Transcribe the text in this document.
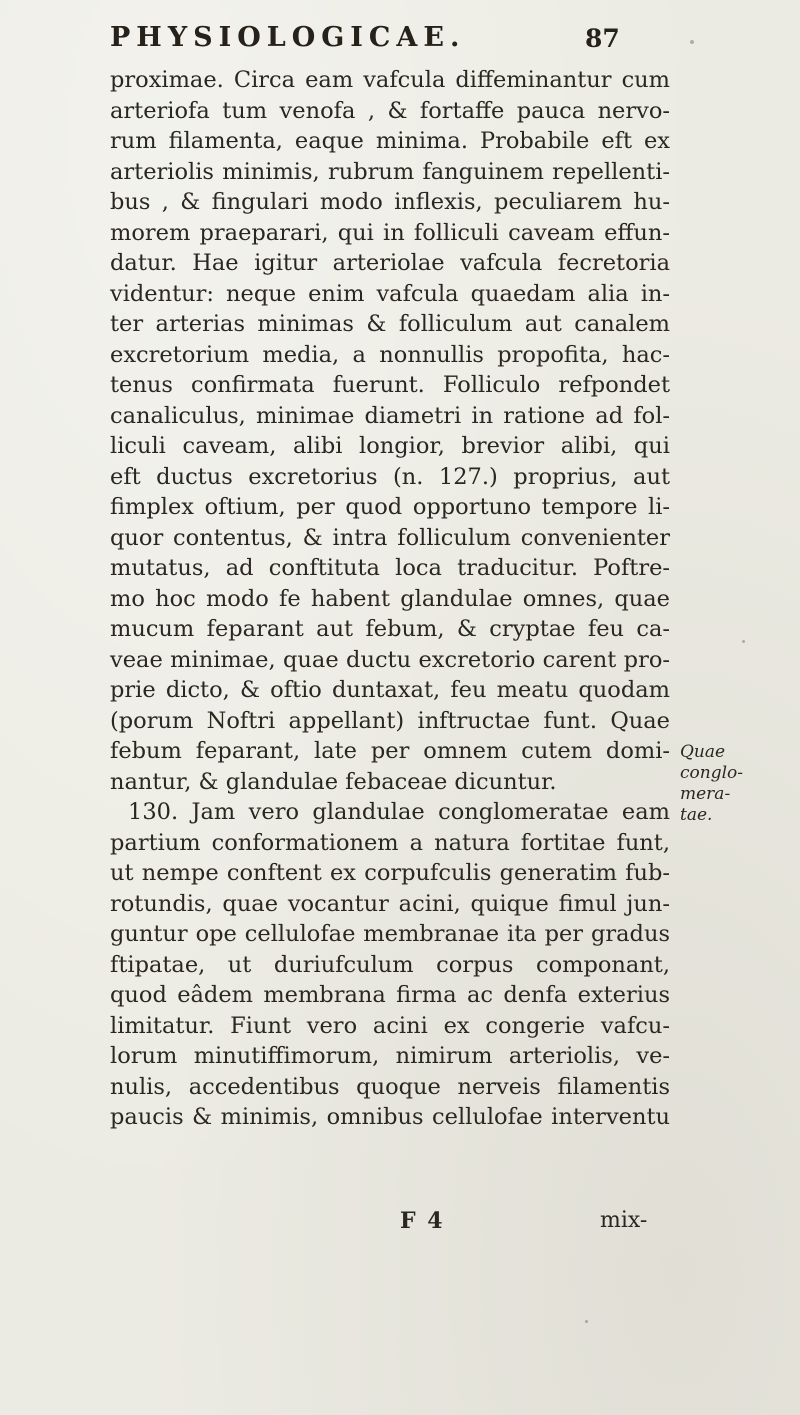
PHYSIOLOGICAE.	87
proximae. Circa eam vafcula diffeminantur cum
arteriofa tum venofa , & fortaffe pauca nervo-
rum filamenta, eaque minima. Probabile eft ex
arteriolis minimis, rubrum fanguinem repellenti-
bus , & fingulari modo inflexis, peculiarem hu-
morem praeparari, qui in folliculi caveam effun-
datur. Hae igitur arteriolae vafcula fecretoria
videntur: neque enim vafcula quaedam alia in-
ter arterias minimas & folliculum aut canalem
excretorium media, a nonnullis propofita, hac-
tenus confirmata fuerunt. Folliculo refpondet
canaliculus, minimae diametri in ratione ad fol-
liculi caveam, alibi longior, brevior alibi, qui
eft ductus excretorius (n. 127.) proprius, aut
fimplex oftium, per quod opportuno tempore li-
quor contentus, & intra folliculum convenienter
mutatus, ad conftituta loca traducitur. Poftre-
mo hoc modo fe habent glandulae omnes, quae
mucum feparant aut febum, & cryptae feu ca-
veae minimae, quae ductu excretorio carent pro-
prie dicto, & oftio duntaxat, feu meatu quodam
(porum Noftri appellant) inftructae funt. Quae
febum feparant, late per omnem cutem domi-
nantur, & glandulae febaceae dicuntur.
130. Jam vero glandulae conglomeratae eam
partium conformationem a natura fortitae funt,
ut nempe conftent ex corpufculis generatim fub-
rotundis, quae vocantur acini, quique fimul jun-
guntur ope cellulofae membranae ita per gradus
ftipatae, ut duriufculum corpus componant,
quod eâdem membrana firma ac denfa exterius
limitatur. Fiunt vero acini ex congerie vafcu-
lorum minutiffimorum, nimirum arteriolis, ve-
nulis, accedentibus quoque nerveis filamentis
paucis & minimis, omnibus cellulofae interventu
Quae
conglo-
mera-
tae.
F 4	mix-
